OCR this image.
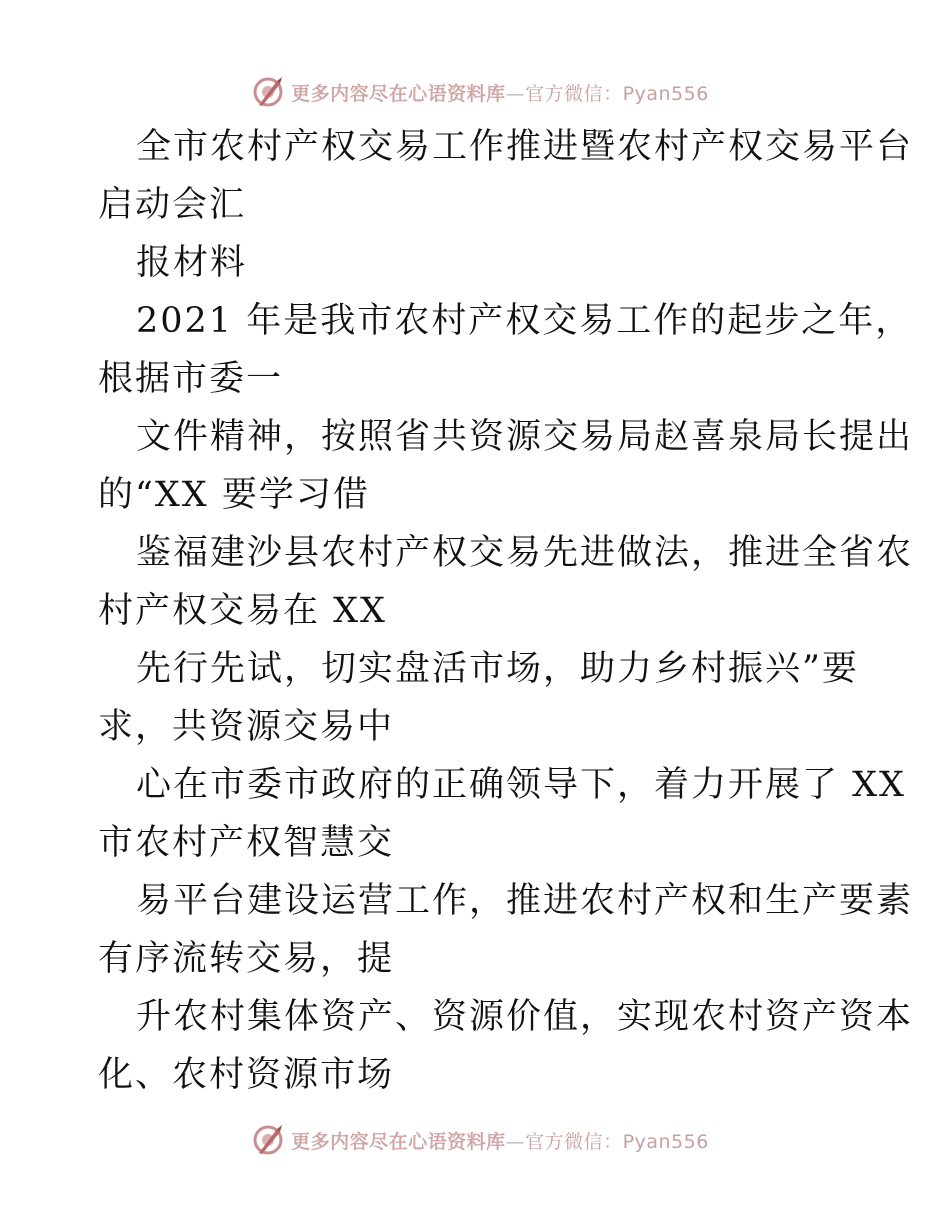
更多内容尽在心语资料库—官方微信：Pyan556
全市农村产权交易工作推进暨农村产权交易平台
启动会汇
报材料
2021 年是我市农村产权交易工作的起步之年，
根据市委一
文件精神，按照省共资源交易局赵喜泉局长提出
的“XX 要学习借
鉴福建沙县农村产权交易先进做法，推进全省农
村产权交易在 XX
先行先试，切实盘活市场，助力乡村振兴”要
求，共资源交易中
心在市委市政府的正确领导下，着力开展了 XX
市农村产权智慧交
易平台建设运营工作，推进农村产权和生产要素
有序流转交易，提
升农村集体资产、资源价值，实现农村资产资本
化、农村资源市场
更多内容尽在心语资料库—官方微信：Pyan556
